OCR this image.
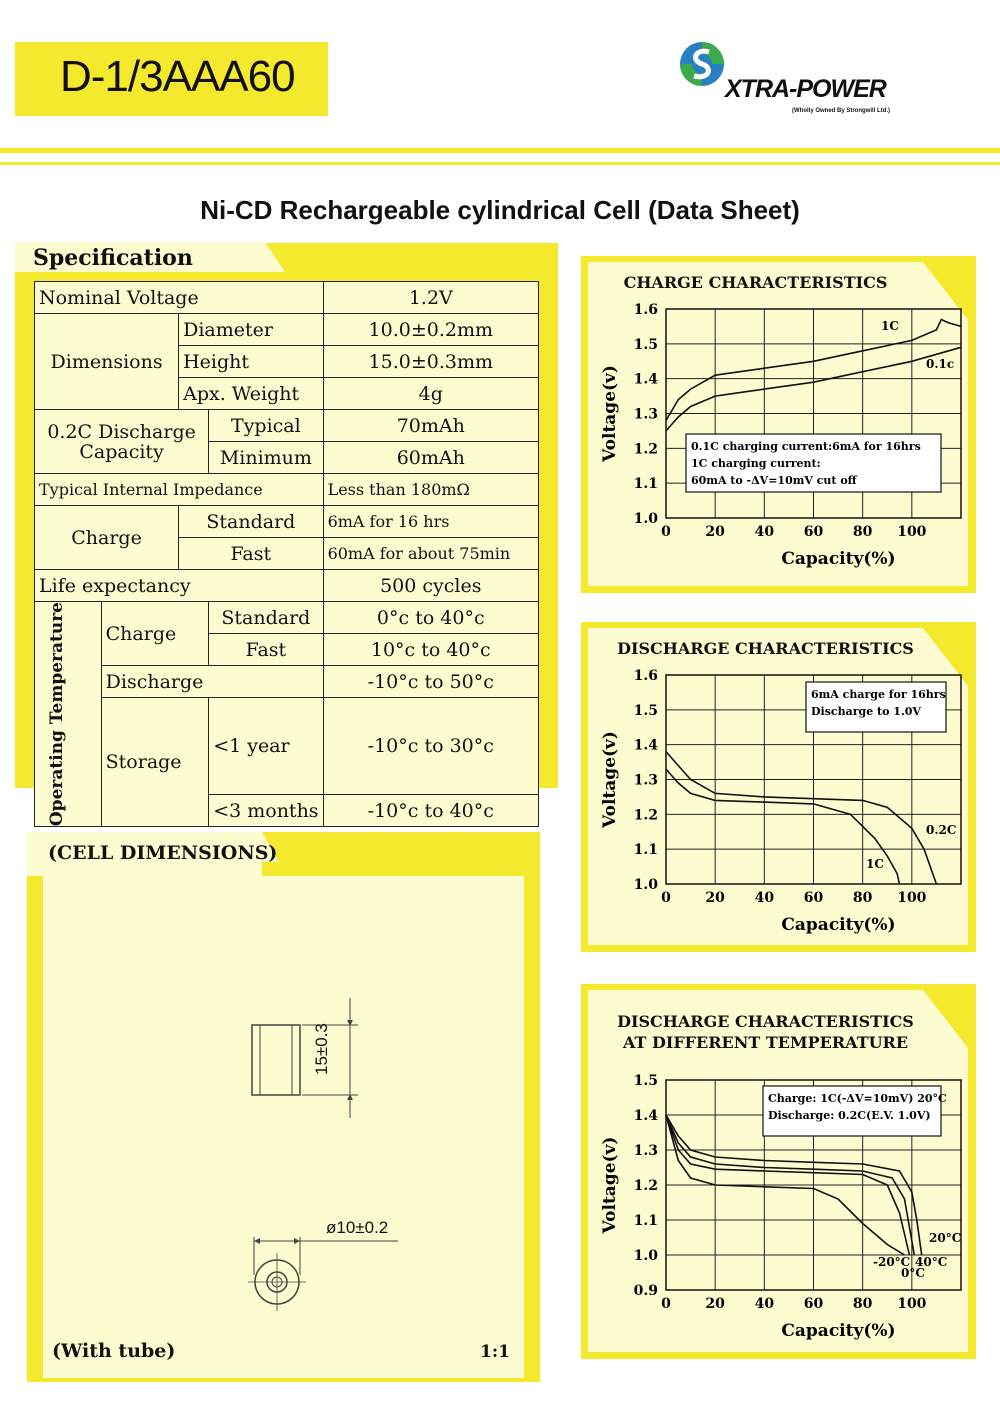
D-1/3AAA60	XTRA-POWER
(Wholly Owned By Strongwill Ltd.)
Ni-CD Rechargeable cylindrical Cell (Data Sheet)
Specification
Nominal Voltage				1.2V
Dimensions		Diameter		10.0±0.2mm
		Height		15.0±0.3mm
		Apx. Weight		4g

0.2C Discharge
Capacity			Typical	70mAh
			Minimum	60mAh
Typical Internal Impedance				Less than 180mΩ
Charge		Standard		6mA for 16 hrs
		Fast		60mA for about 75min
Life expectancy				500 cycles

Operating Temperature	Charge		Standard	0°c to 40°c
			Fast	10°c to 40°c
	Discharge			-10°c to 50°c
	Storage		<1 year	-10°c to 30°c
			<3 months	-10°c to 40°c
(CELL DIMENSIONS)
15±0.3
ø10±0.2
(With tube)	1:1
CHARGE CHARACTERISTICS
0 20 40 60 80 100
1.0
1.1
1.2
1.3
1.4
1.5
1.6
Capacity(%)
Voltage(v)
1C
0.1c
0.1C charging current:6mA for 16hrs
1C charging current:
60mA to -ΔV=10mV cut off
DISCHARGE CHARACTERISTICS
0 20 40 60 80 100
1.0
1.1
1.2
1.3
1.4
1.5
1.6
Capacity(%)
Voltage(v)
0.2C
1C
6mA charge for 16hrs
Discharge to 1.0V
DISCHARGE CHARACTERISTICS
AT DIFFERENT TEMPERATURE
0 20 40 60 80 100
0.9
1.0
1.1
1.2
1.3
1.4
1.5
Capacity(%)
Voltage(v)
20°C
40°C
0°C
-20°C
Charge: 1C(-ΔV=10mV) 20°C
Discharge: 0.2C(E.V. 1.0V)
